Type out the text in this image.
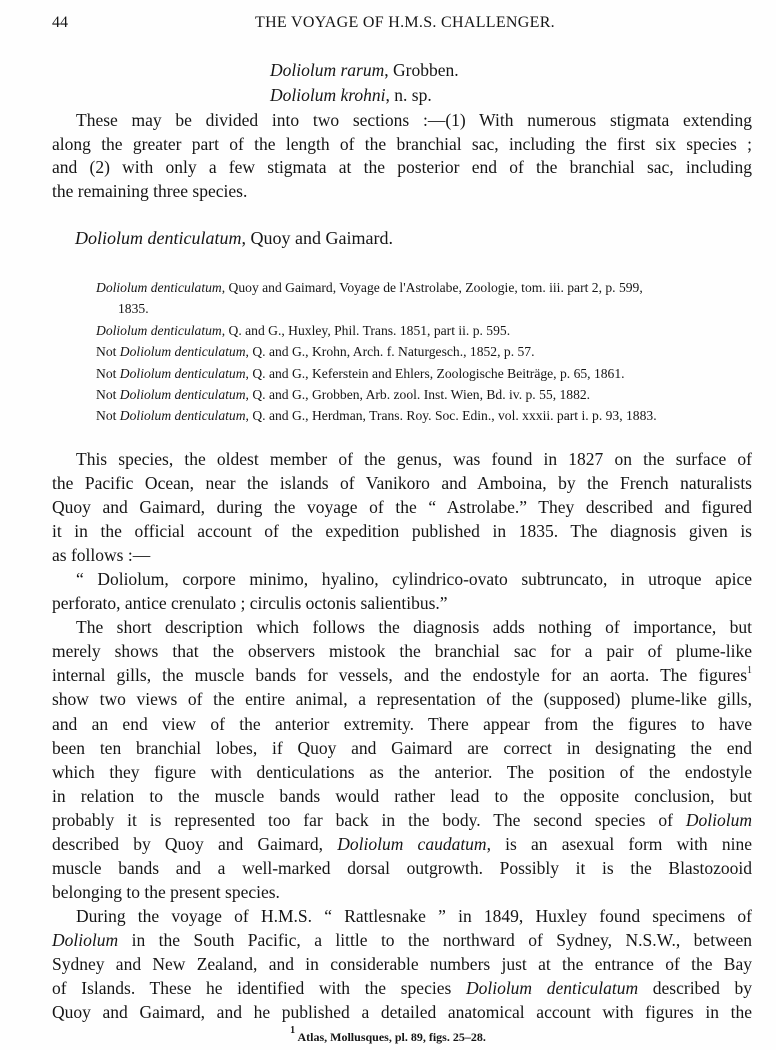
44	THE VOYAGE OF H.M.S. CHALLENGER.
Doliolum rarum, Grobben.
Doliolum krohni, n. sp.
These may be divided into two sections :—(1) With numerous stigmata extending
along the greater part of the length of the branchial sac, including the first six species ;
and (2) with only a few stigmata at the posterior end of the branchial sac, including
the remaining three species.
Doliolum denticulatum, Quoy and Gaimard.
Doliolum denticulatum, Quoy and Gaimard, Voyage de l'Astrolabe, Zoologie, tom. iii. part 2, p. 599,
1835.
Doliolum denticulatum, Q. and G., Huxley, Phil. Trans. 1851, part ii. p. 595.
Not Doliolum denticulatum, Q. and G., Krohn, Arch. f. Naturgesch., 1852, p. 57.
Not Doliolum denticulatum, Q. and G., Keferstein and Ehlers, Zoologische Beiträge, p. 65, 1861.
Not Doliolum denticulatum, Q. and G., Grobben, Arb. zool. Inst. Wien, Bd. iv. p. 55, 1882.
Not Doliolum denticulatum, Q. and G., Herdman, Trans. Roy. Soc. Edin., vol. xxxii. part i. p. 93, 1883.
This species, the oldest member of the genus, was found in 1827 on the surface of
the Pacific Ocean, near the islands of Vanikoro and Amboina, by the French naturalists
Quoy and Gaimard, during the voyage of the “ Astrolabe.” They described and figured
it in the official account of the expedition published in 1835. The diagnosis given is
as follows :—
“ Doliolum, corpore minimo, hyalino, cylindrico-ovato subtruncato, in utroque apice
perforato, antice crenulato ; circulis octonis salientibus.”
The short description which follows the diagnosis adds nothing of importance, but
merely shows that the observers mistook the branchial sac for a pair of plume-like
internal gills, the muscle bands for vessels, and the endostyle for an aorta. The figures$^1$
show two views of the entire animal, a representation of the (supposed) plume-like gills,
and an end view of the anterior extremity. There appear from the figures to have
been ten branchial lobes, if Quoy and Gaimard are correct in designating the end
which they figure with denticulations as the anterior. The position of the endostyle
in relation to the muscle bands would rather lead to the opposite conclusion, but
probably it is represented too far back in the body. The second species of Doliolum
described by Quoy and Gaimard, Doliolum caudatum, is an asexual form with nine
muscle bands and a well-marked dorsal outgrowth. Possibly it is the Blastozooid
belonging to the present species.
During the voyage of H.M.S. “ Rattlesnake ” in 1849, Huxley found specimens of
Doliolum in the South Pacific, a little to the northward of Sydney, N.S.W., between
Sydney and New Zealand, and in considerable numbers just at the entrance of the Bay
of Islands. These he identified with the species Doliolum denticulatum described by
Quoy and Gaimard, and he published a detailed anatomical account with figures in the
$^1$ Atlas, Mollusques, pl. 89, figs. 25–28.
